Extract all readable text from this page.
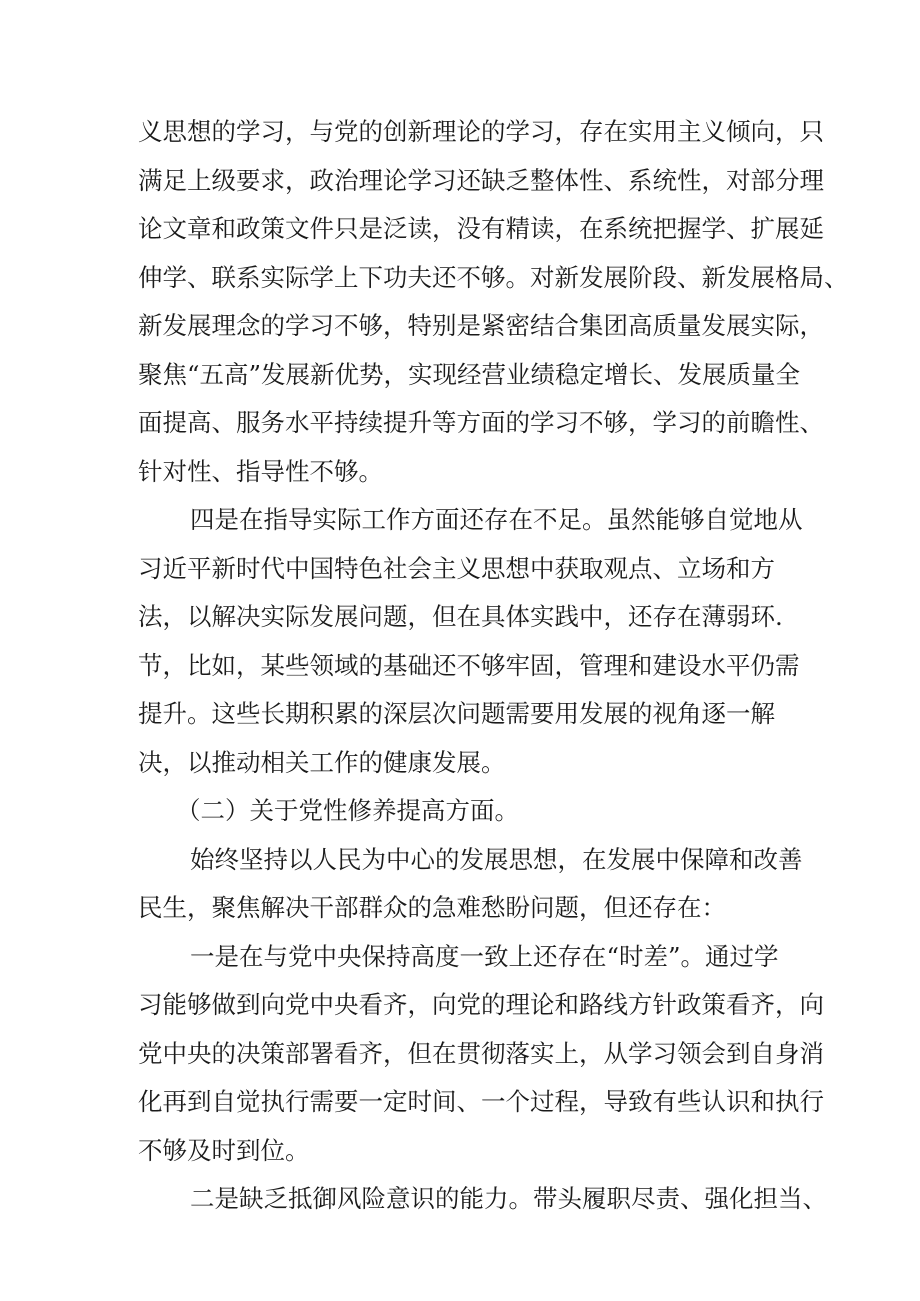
义思想的学习，与党的创新理论的学习，存在实用主义倾向，只

满足上级要求，政治理论学习还缺乏整体性、系统性，对部分理

论文章和政策文件只是泛读，没有精读，在系统把握学、扩展延

伸学、联系实际学上下功夫还不够。对新发展阶段、新发展格局、

新发展理念的学习不够，特别是紧密结合集团高质量发展实际，

聚焦“五高”发展新优势，实现经营业绩稳定增长、发展质量全

面提高、服务水平持续提升等方面的学习不够，学习的前瞻性、

针对性、指导性不够。

四是在指导实际工作方面还存在不足。虽然能够自觉地从

习近平新时代中国特色社会主义思想中获取观点、立场和方

法，以解决实际发展问题，但在具体实践中，还存在薄弱环.

节，比如，某些领域的基础还不够牢固，管理和建设水平仍需

提升。这些长期积累的深层次问题需要用发展的视角逐一解

决，以推动相关工作的健康发展。

（二）关于党性修养提高方面。

始终坚持以人民为中心的发展思想，在发展中保障和改善

民生，聚焦解决干部群众的急难愁盼问题，但还存在：

一是在与党中央保持高度一致上还存在“时差”。通过学

习能够做到向党中央看齐，向党的理论和路线方针政策看齐，向

党中央的决策部署看齐，但在贯彻落实上，从学习领会到自身消

化再到自觉执行需要一定时间、一个过程，导致有些认识和执行

不够及时到位。

二是缺乏抵御风险意识的能力。带头履职尽责、强化担当、
